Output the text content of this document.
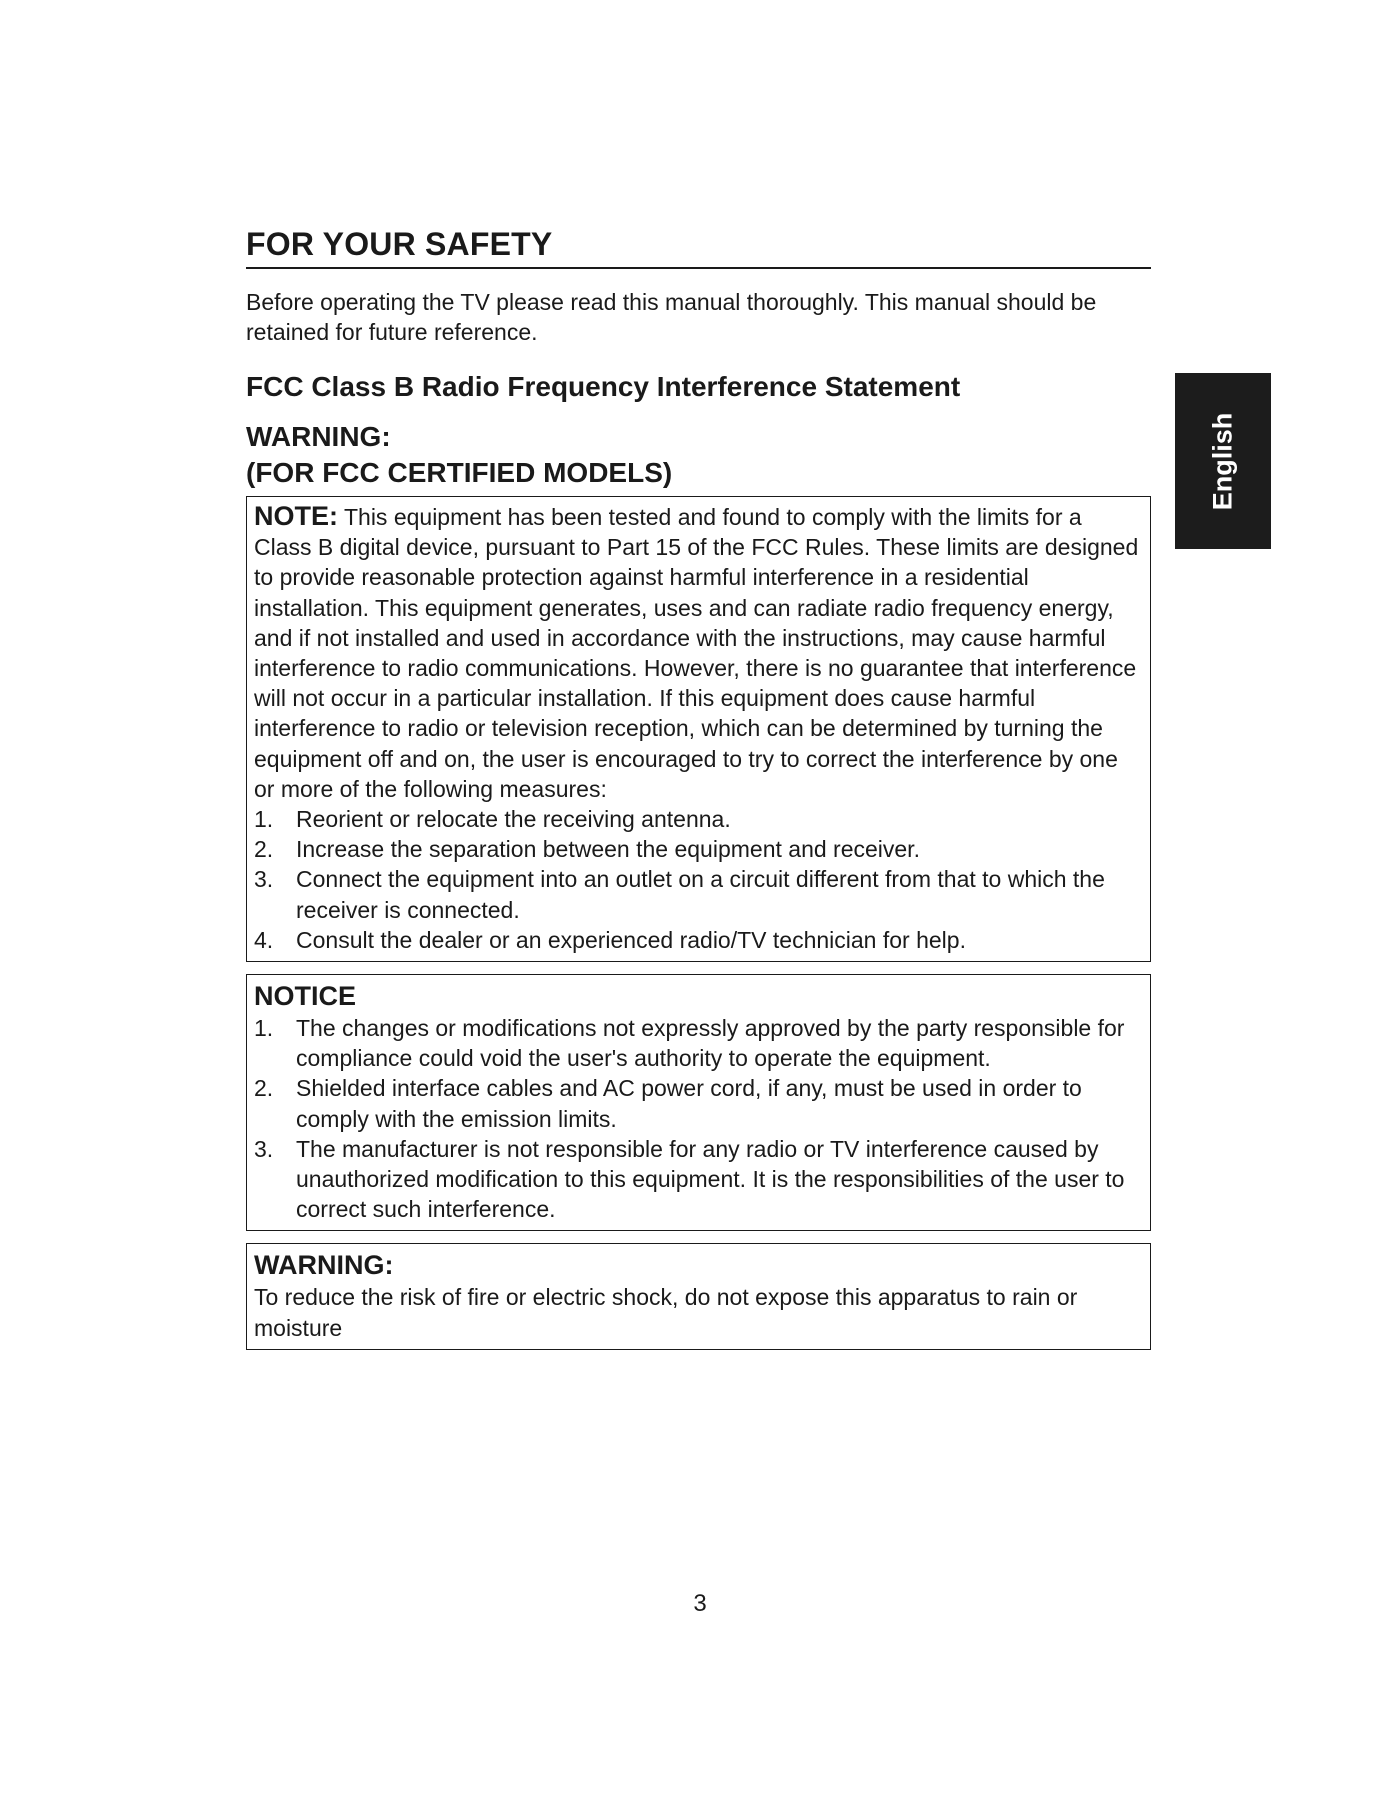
FOR YOUR SAFETY

Before operating the TV please read this manual thoroughly. This manual should be retained for future reference.

FCC Class B Radio Frequency Interference Statement
WARNING:
(FOR FCC CERTIFIED MODELS)
NOTE: This equipment has been tested and found to comply with the limits for a Class B digital device, pursuant to Part 15 of the FCC Rules. These limits are designed to provide reasonable protection against harmful interference in a residential installation. This equipment generates, uses and can radiate radio frequency energy, and if not installed and used in accordance with the instructions, may cause harmful interference to radio communications. However, there is no guarantee that interference will not occur in a particular installation. If this equipment does cause harmful interference to radio or television reception, which can be determined by turning the equipment off and on, the user is encouraged to try to correct the interference by one or more of the following measures:
1. Reorient or relocate the receiving antenna.
2. Increase the separation between the equipment and receiver.
3. Connect the equipment into an outlet on a circuit different from that to which the receiver is connected.
4. Consult the dealer or an experienced radio/TV technician for help.
NOTICE
1. The changes or modifications not expressly approved by the party responsible for compliance could void the user's authority to operate the equipment.
2. Shielded interface cables and AC power cord, if any, must be used in order to comply with the emission limits.
3. The manufacturer is not responsible for any radio or TV interference caused by unauthorized modification to this equipment. It is the responsibilities of the user to correct such interference.
WARNING:
To reduce the risk of fire or electric shock, do not expose this apparatus to rain or moisture
English
3
